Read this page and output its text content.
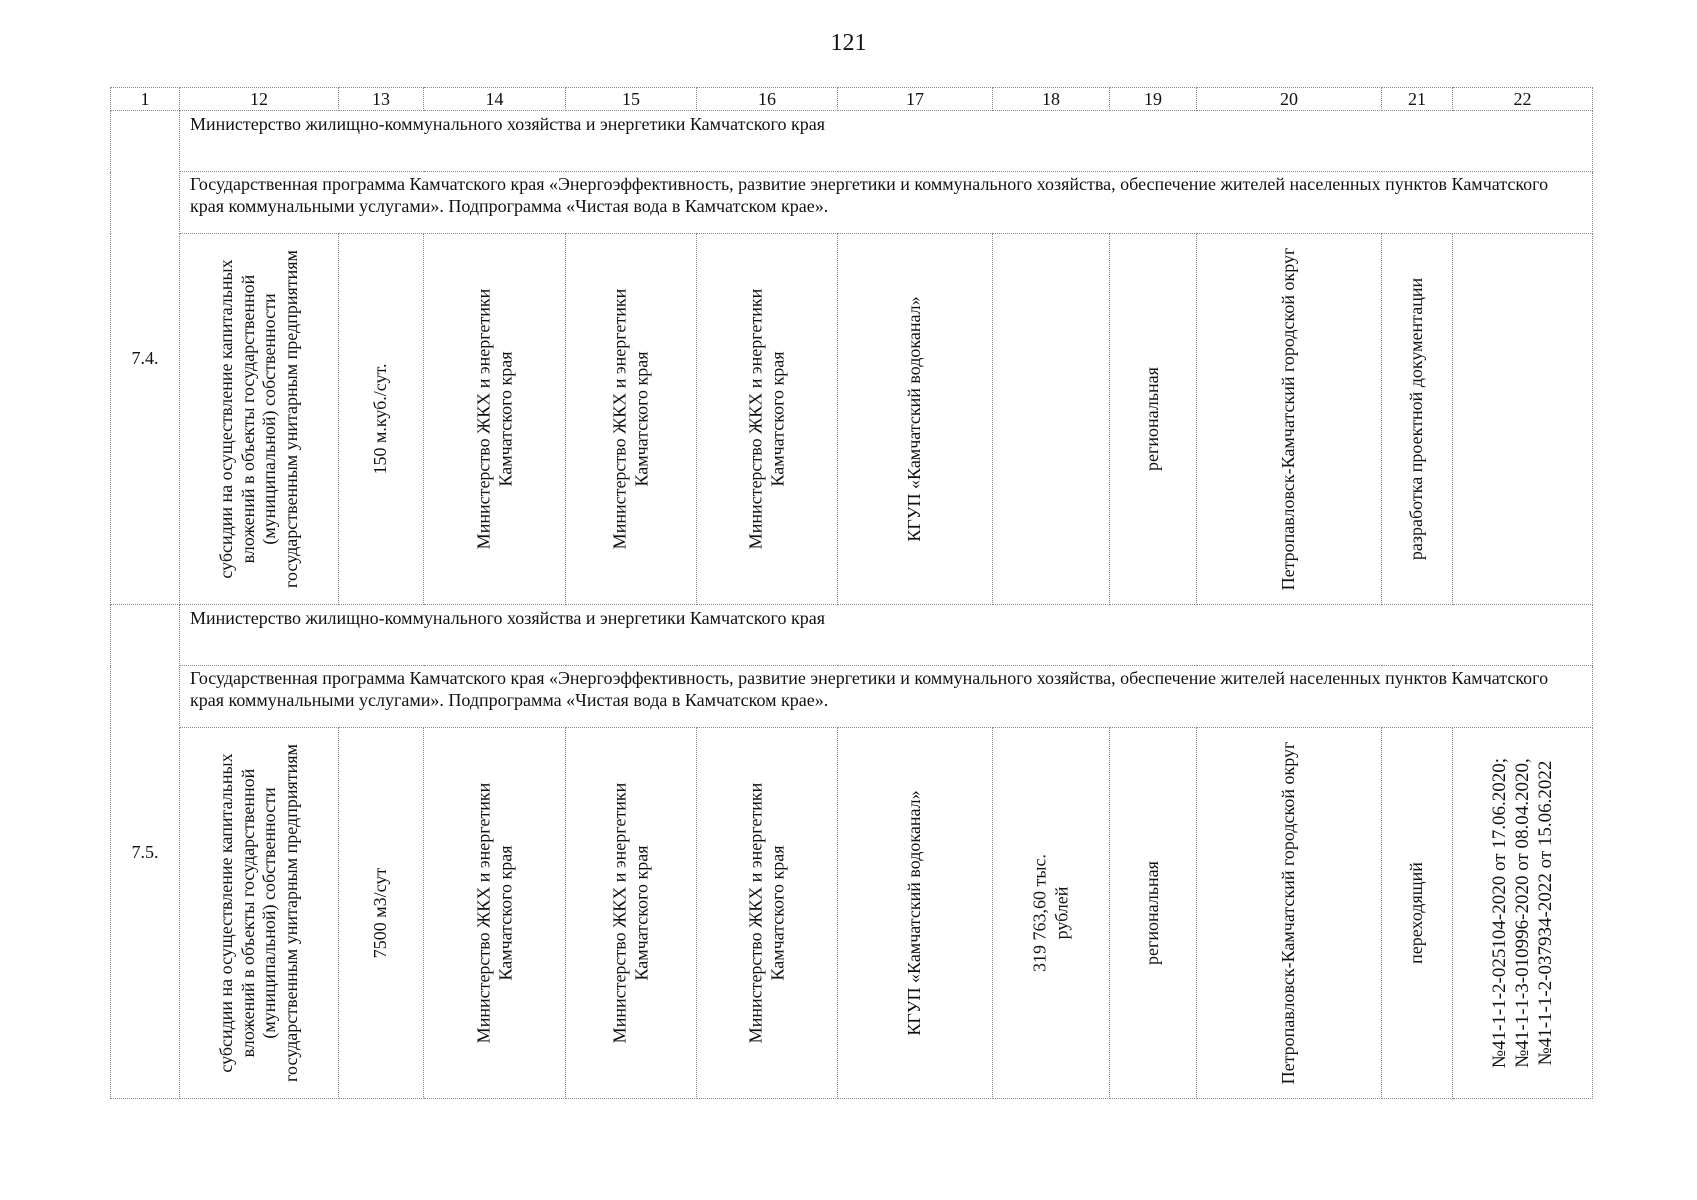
121
1	12	13	14	15	16	17	18	19	20	21	22
7.4.	Министерство жилищно-коммунального хозяйства и энергетики Камчатского края										
	Государственная программа Камчатского края «Энергоэффективность, развитие энергетики и коммунального хозяйства, обеспечение жителей населенных пунктов Камчатского края коммунальными услугами». Подпрограмма «Чистая вода в Камчатском крае».										

	субсидии на осуществление капитальных вложений в объекты государственной (муниципальной) собственности государственным унитарным предприятиям	150 м.куб./сут.	Министерство ЖКХ и энергетики Камчатского края	Министерство ЖКХ и энергетики Камчатского края	Министерство ЖКХ и энергетики Камчатского края	КГУП «Камчатский водоканал»		региональная	Петропавловск-Камчатский городской округ	разработка проектной документации	

7.5.	Министерство жилищно-коммунального хозяйства и энергетики Камчатского края										
	Государственная программа Камчатского края «Энергоэффективность, развитие энергетики и коммунального хозяйства, обеспечение жителей населенных пунктов Камчатского края коммунальными услугами». Подпрограмма «Чистая вода в Камчатском крае».										

	субсидии на осуществление капитальных вложений в объекты государственной (муниципальной) собственности государственным унитарным предприятиям	7500 м3/сут	Министерство ЖКХ и энергетики Камчатского края	Министерство ЖКХ и энергетики Камчатского края	Министерство ЖКХ и энергетики Камчатского края	КГУП «Камчатский водоканал»	319 763,60 тыс. рублей	региональная	Петропавловск-Камчатский городской округ	переходящий	№41-1-1-2-025104-2020 от 17.06.2020; №41-1-1-3-010996-2020 от 08.04.2020, №41-1-1-2-037934-2022 от 15.06.2022
